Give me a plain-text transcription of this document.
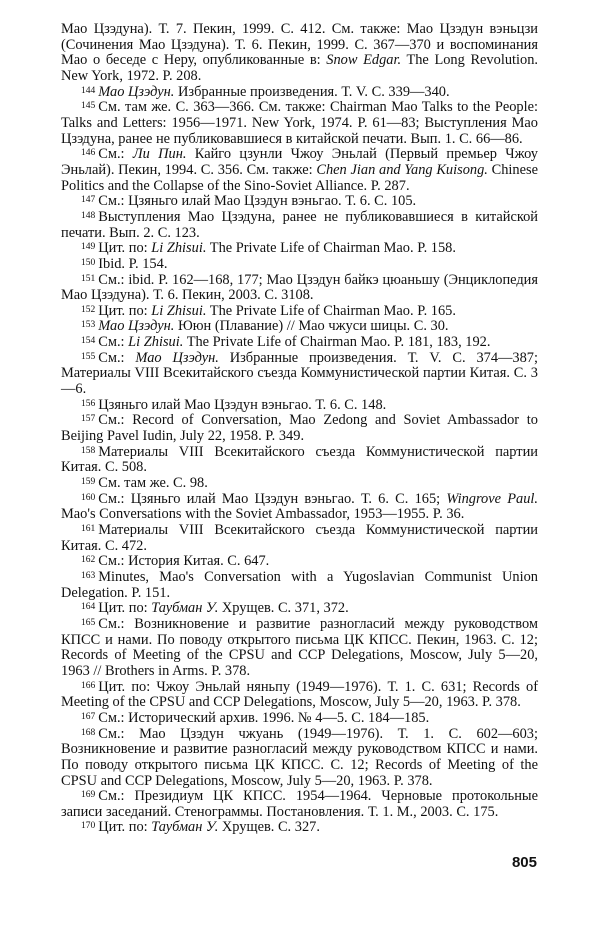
Мао Цзэдуна). Т. 7. Пекин, 1999. С. 412. См. также: Мао Цзэдун вэньцзи (Сочинения Мао Цзэдуна). Т. 6. Пекин, 1999. С. 367—370 и воспоминания Мао о беседе с Неру, опубликованные в: Snow Edgar. The Long Revolution. New York, 1972. P. 208.

$^{144}$ Мао Цзэдун. Избранные произведения. Т. V. С. 339—340.

$^{145}$ См. там же. С. 363—366. См. также: Chairman Mao Talks to the People: Talks and Letters: 1956—1971. New York, 1974. P. 61—83; Выступления Мао Цзэдуна, ранее не публиковавшиеся в китайской печати. Вып. 1. С. 66—86.

$^{146}$ См.: Ли Пин. Кайго цзунли Чжоу Эньлай (Первый премьер Чжоу Эньлай). Пекин, 1994. С. 356. См. также: Chen Jian and Yang Kuisong. Chinese Politics and the Collapse of the Sino-Soviet Alliance. P. 287.

$^{147}$ См.: Цзяньго илай Мао Цзэдун вэньгао. Т. 6. С. 105.

$^{148}$ Выступления Мао Цзэдуна, ранее не публиковавшиеся в китайской печати. Вып. 2. С. 123.

$^{149}$ Цит. по: Li Zhisui. The Private Life of Chairman Mao. P. 158.

$^{150}$ Ibid. P. 154.

$^{151}$ См.: ibid. P. 162—168, 177; Мао Цзэдун байкэ цюаньшу (Энциклопедия Мао Цзэдуна). Т. 6. Пекин, 2003. С. 3108.

$^{152}$ Цит. по: Li Zhisui. The Private Life of Chairman Mao. P. 165.

$^{153}$ Мао Цзэдун. Ююн (Плавание) // Мао чжуси шицы. С. 30.

$^{154}$ См.: Li Zhisui. The Private Life of Chairman Mao. P. 181, 183, 192.

$^{155}$ См.: Мао Цзэдун. Избранные произведения. Т. V. С. 374—387; Материалы VIII Всекитайского съезда Коммунистической партии Китая. С. 3—6.

$^{156}$ Цзяньго илай Мао Цзэдун вэньгао. Т. 6. С. 148.

$^{157}$ См.: Record of Conversation, Mao Zedong and Soviet Ambassador to Beijing Pavel Iudin, July 22, 1958. P. 349.

$^{158}$ Материалы VIII Всекитайского съезда Коммунистической партии Китая. С. 508.

$^{159}$ См. там же. С. 98.

$^{160}$ См.: Цзяньго илай Мао Цзэдун вэньгао. Т. 6. С. 165; Wingrove Paul. Mao's Conversations with the Soviet Ambassador, 1953—1955. P. 36.

$^{161}$ Материалы VIII Всекитайского съезда Коммунистической партии Китая. С. 472.

$^{162}$ См.: История Китая. С. 647.

$^{163}$ Minutes, Mao's Conversation with a Yugoslavian Communist Union Delegation. P. 151.

$^{164}$ Цит. по: Таубман У. Хрущев. С. 371, 372.

$^{165}$ См.: Возникновение и развитие разногласий между руководством КПСС и нами. По поводу открытого письма ЦК КПСС. Пекин, 1963. С. 12; Records of Meeting of the CPSU and CCP Delegations, Moscow, July 5—20, 1963 // Brothers in Arms. P. 378.

$^{166}$ Цит. по: Чжоу Эньлай няньпу (1949—1976). Т. 1. С. 631; Records of Meeting of the CPSU and CCP Delegations, Moscow, July 5—20, 1963. P. 378.

$^{167}$ См.: Исторический архив. 1996. № 4—5. С. 184—185.

$^{168}$ См.: Мао Цзэдун чжуань (1949—1976). Т. 1. С. 602—603; Возникновение и развитие разногласий между руководством КПСС и нами. По поводу открытого письма ЦК КПСС. С. 12; Records of Meeting of the CPSU and CCP Delegations, Moscow, July 5—20, 1963. P. 378.

$^{169}$ См.: Президиум ЦК КПСС. 1954—1964. Черновые протокольные записи заседаний. Стенограммы. Постановления. Т. 1. М., 2003. С. 175.

$^{170}$ Цит. по: Таубман У. Хрущев. С. 327.

805
